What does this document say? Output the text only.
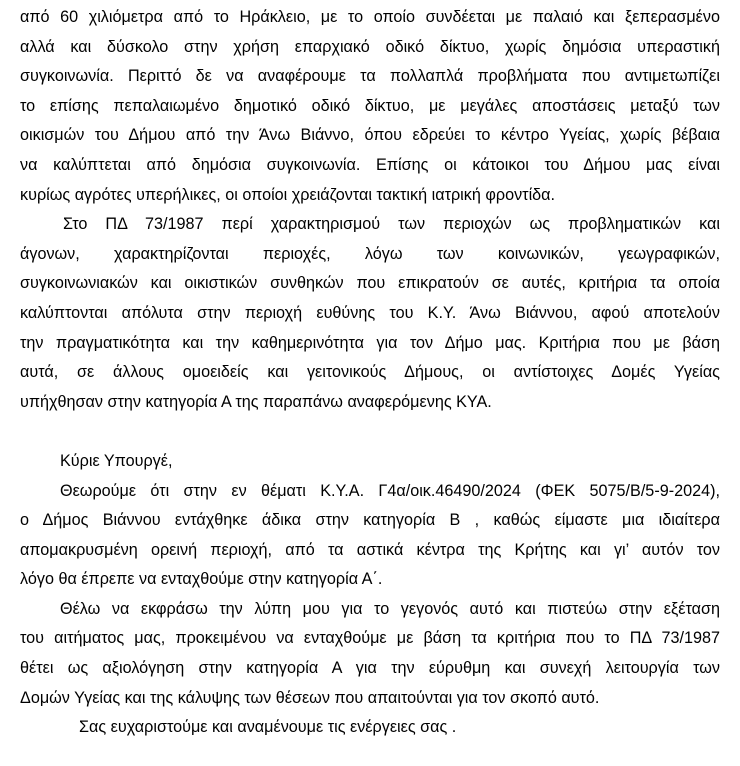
από 60 χιλιόμετρα από το Ηράκλειο, με το οποίο συνδέεται με παλαιό και ξεπερασμένο
αλλά και δύσκολο στην χρήση επαρχιακό οδικό δίκτυο, χωρίς δημόσια υπεραστική
συγκοινωνία. Περιττό δε να αναφέρουμε τα πολλαπλά προβλήματα που αντιμετωπίζει
το επίσης πεπαλαιωμένο δημοτικό οδικό δίκτυο, με μεγάλες αποστάσεις μεταξύ των
οικισμών του Δήμου από την Άνω Βιάννο, όπου εδρεύει το κέντρο Υγείας, χωρίς βέβαια
να καλύπτεται από δημόσια συγκοινωνία. Επίσης οι κάτοικοι του Δήμου μας είναι
κυρίως αγρότες υπερήλικες, οι οποίοι χρειάζονται τακτική ιατρική φροντίδα.
Στο ΠΔ 73/1987 περί χαρακτηρισμού των περιοχών ως προβληματικών και
άγονων, χαρακτηρίζονται περιοχές, λόγω των κοινωνικών, γεωγραφικών,
συγκοινωνιακών και οικιστικών συνθηκών που επικρατούν σε αυτές, κριτήρια τα οποία
καλύπτονται απόλυτα στην περιοχή ευθύνης του Κ.Υ. Άνω Βιάννου, αφού αποτελούν
την πραγματικότητα και την καθημερινότητα για τον Δήμο μας. Κριτήρια που με βάση
αυτά, σε άλλους ομοειδείς και γειτονικούς Δήμους, οι αντίστοιχες Δομές Υγείας
υπήχθησαν στην κατηγορία Α της παραπάνω αναφερόμενης ΚΥΑ.
Κύριε Υπουργέ,
Θεωρούμε ότι στην εν θέματι Κ.Υ.Α. Γ4α/οικ.46490/2024 (ΦΕΚ 5075/Β/5-9-2024),
ο Δήμος Βιάννου εντάχθηκε άδικα στην κατηγορία Β , καθώς είμαστε μια ιδιαίτερα
απομακρυσμένη ορεινή περιοχή, από τα αστικά κέντρα της Κρήτης και γι’ αυτόν τον
λόγο θα έπρεπε να ενταχθούμε στην κατηγορία Α΄.
Θέλω να εκφράσω την λύπη μου για το γεγονός αυτό και πιστεύω στην εξέταση
του αιτήματος μας, προκειμένου να ενταχθούμε με βάση τα κριτήρια που το ΠΔ 73/1987
θέτει ως αξιολόγηση στην κατηγορία Α για την εύρυθμη και συνεχή λειτουργία των
Δομών Υγείας και της κάλυψης των θέσεων που απαιτούνται για τον σκοπό αυτό.
Σας ευχαριστούμε και αναμένουμε τις ενέργειες σας .
